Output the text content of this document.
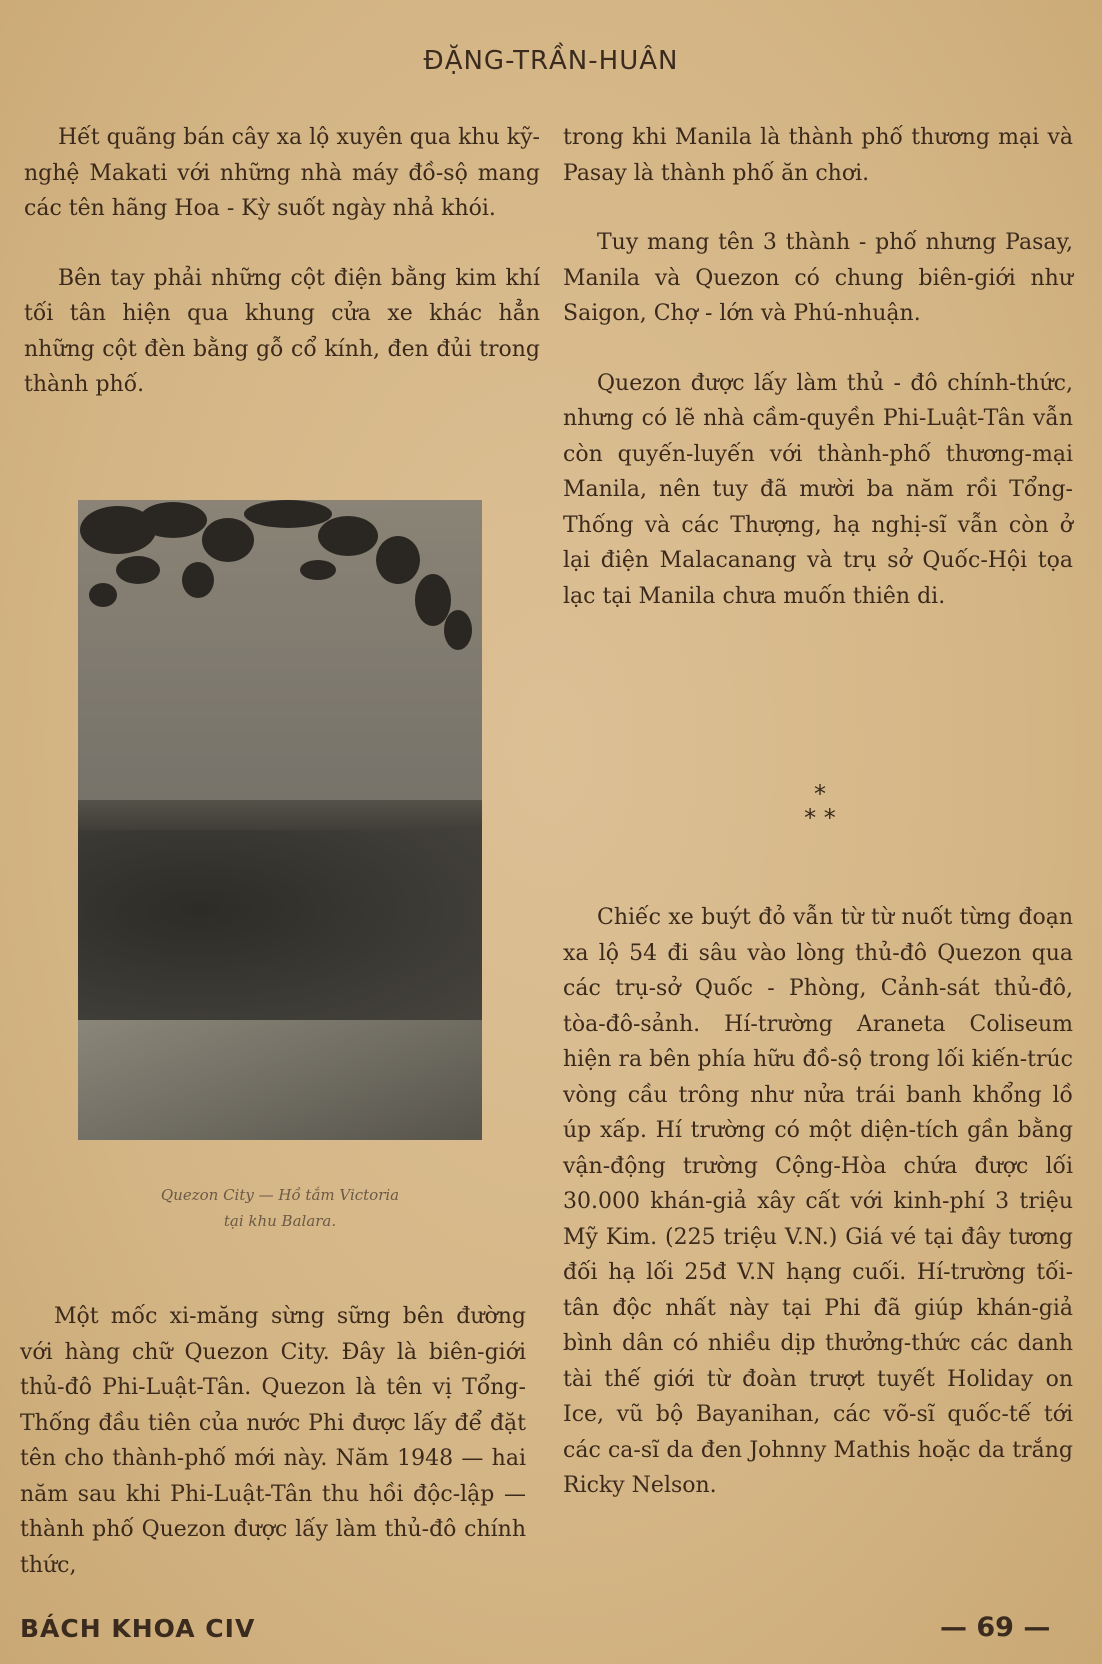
ĐẶNG-TRẦN-HUÂN

Hết quãng bán cây xa lộ xuyên qua khu kỹ-nghệ Makati với những nhà máy đồ-sộ mang các tên hãng Hoa - Kỳ suốt ngày nhả khói.

Bên tay phải những cột điện bằng kim khí tối tân hiện qua khung cửa xe khác hẳn những cột đèn bằng gỗ cổ kính, đen đủi trong thành phố.

Quezon City — Hồ tắm Victoria
tại khu Balara.

Một mốc xi-măng sừng sững bên đường với hàng chữ Quezon City. Đây là biên-giới thủ-đô Phi-Luật-Tân. Quezon là tên vị Tổng-Thống đầu tiên của nước Phi được lấy để đặt tên cho thành-phố mới này. Năm 1948 — hai năm sau khi Phi-Luật-Tân thu hồi độc-lập — thành phố Quezon được lấy làm thủ-đô chính thức,

trong khi Manila là thành phố thương mại và Pasay là thành phố ăn chơi.

Tuy mang tên 3 thành - phố nhưng Pasay, Manila và Quezon có chung biên-giới như Saigon, Chợ - lớn và Phú-nhuận.

Quezon được lấy làm thủ - đô chính-thức, nhưng có lẽ nhà cầm-quyền Phi-Luật-Tân vẫn còn quyến-luyến với thành-phố thương-mại Manila, nên tuy đã mười ba năm rồi Tổng-Thống và các Thượng, hạ nghị-sĩ vẫn còn ở lại điện Malacanang và trụ sở Quốc-Hội tọa lạc tại Manila chưa muốn thiên di.

*
* *

Chiếc xe buýt đỏ vẫn từ từ nuốt từng đoạn xa lộ 54 đi sâu vào lòng thủ-đô Quezon qua các trụ-sở Quốc - Phòng, Cảnh-sát thủ-đô, tòa-đô-sảnh. Hí-trường Araneta Coliseum hiện ra bên phía hữu đồ-sộ trong lối kiến-trúc vòng cầu trông như nửa trái banh khổng lồ úp xấp. Hí trường có một diện-tích gần bằng vận-động trường Cộng-Hòa chứa được lối 30.000 khán-giả xây cất với kinh-phí 3 triệu Mỹ Kim. (225 triệu V.N.) Giá vé tại đây tương đối hạ lối 25đ V.N hạng cuối. Hí-trường tối-tân độc nhất này tại Phi đã giúp khán-giả bình dân có nhiều dịp thưởng-thức các danh tài thế giới từ đoàn trượt tuyết Holiday on Ice, vũ bộ Bayanihan, các võ-sĩ quốc-tế tới các ca-sĩ da đen Johnny Mathis hoặc da trắng Ricky Nelson.

BÁCH KHOA CIV	— 69 —
